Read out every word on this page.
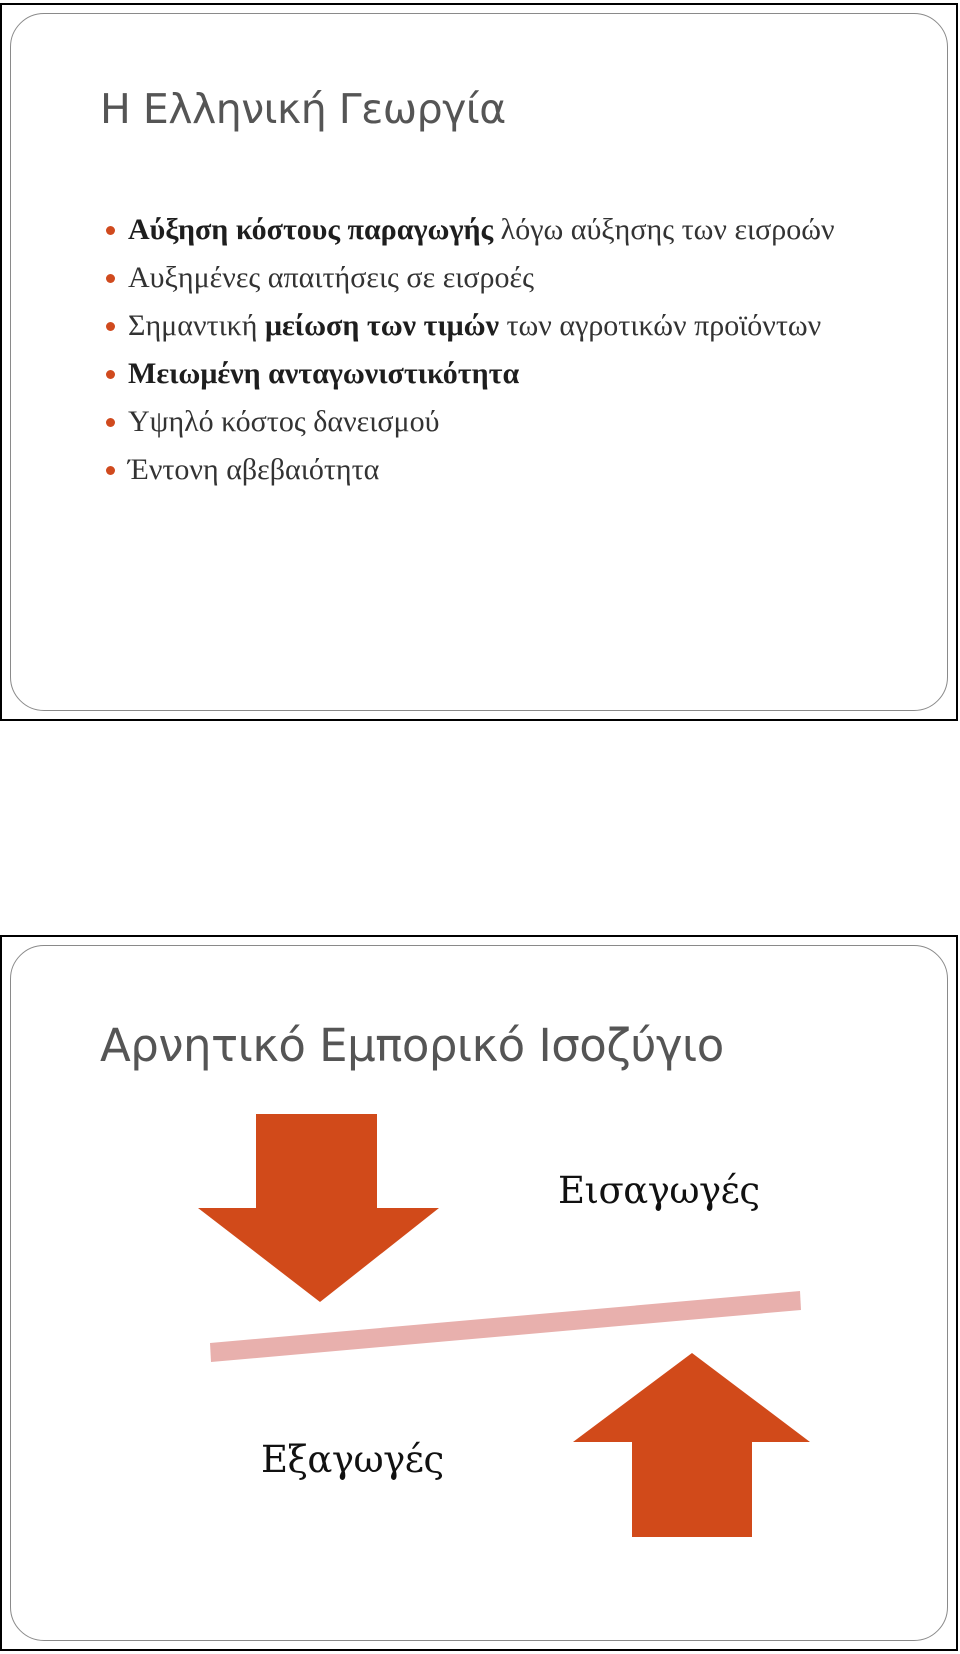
Η Ελληνική Γεωργία
Αύξηση κόστους παραγωγής λόγω αύξησης των εισροών
Αυξημένες απαιτήσεις σε εισροές
Σημαντική μείωση των τιμών των αγροτικών προϊόντων
Μειωμένη ανταγωνιστικότητα
Υψηλό κόστος δανεισμού
Έντονη αβεβαιότητα
Αρνητικό Εμπορικό Ισοζύγιο
Εισαγωγές
Εξαγωγές
